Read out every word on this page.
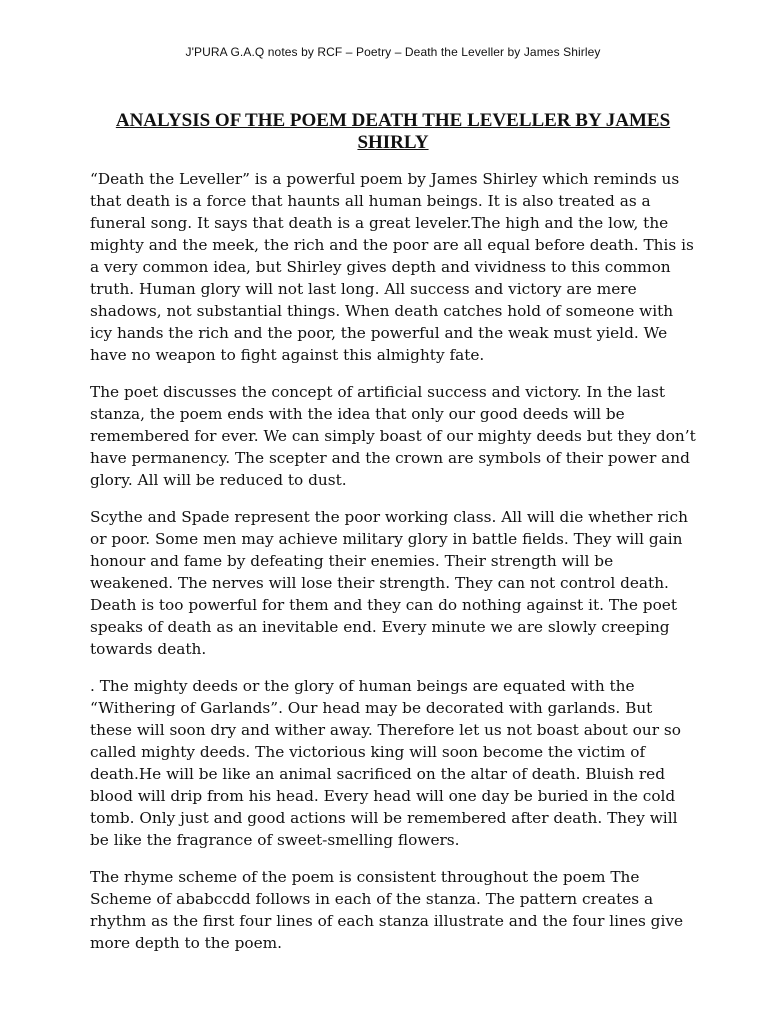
J'PURA G.A.Q notes by RCF – Poetry – Death the Leveller by James Shirley

ANALYSIS OF THE POEM DEATH THE LEVELLER BY JAMES SHIRLY

“Death the Leveller” is a powerful poem by James Shirley which reminds us that death is a force that haunts all human beings. It is also treated as a funeral song. It says that death is a great leveler.The high and the low, the mighty and the meek, the rich and the poor are all equal before death. This is a very common idea, but Shirley gives depth and vividness to this common truth. Human glory will not last long. All success and victory are mere shadows, not substantial things. When death catches hold of someone with icy hands the rich and the poor, the powerful and the weak must yield. We have no weapon to fight against this almighty fate.

The poet discusses the concept of artificial success and victory. In the last stanza, the poem ends with the idea that only our good deeds will be remembered for ever. We can simply boast of our mighty deeds but they don’t have permanency. The scepter and the crown are symbols of their power and glory. All will be reduced to dust.

Scythe and Spade represent the poor working class. All will die whether rich or poor. Some men may achieve military glory in battle fields. They will gain honour and fame by defeating their enemies. Their strength will be weakened. The nerves will lose their strength. They can not control death. Death is too powerful for them and they can do nothing against it. The poet speaks of death as an inevitable end. Every minute we are slowly creeping towards death.

. The mighty deeds or the glory of human beings are equated with the “Withering of Garlands”. Our head may be decorated with garlands. But these will soon dry and wither away. Therefore let us not boast about our so called mighty deeds. The victorious king will soon become the victim of death.He will be like an animal sacrificed on the altar of death. Bluish red blood will drip from his head. Every head will one day be buried in the cold tomb. Only just and good actions will be remembered after death. They will be like the fragrance of sweet-smelling flowers.

The rhyme scheme of the poem is consistent throughout the poem The Scheme of ababccdd follows in each of the stanza. The pattern creates a rhythm as the first four lines of each stanza illustrate and the four lines give more depth to the poem.
